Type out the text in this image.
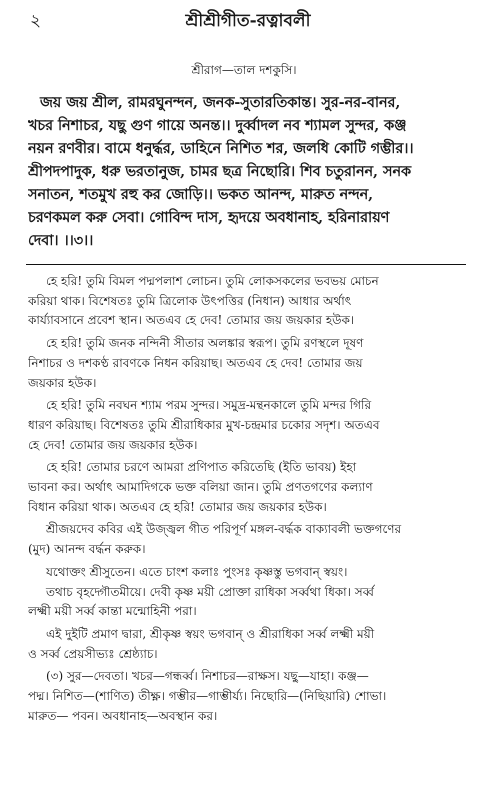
২	শ্রীশ্রীগীত-রত্নাবলী
শ্রীরাগ—তাল দশকুসি।
জয় জয় শ্রীল, রামরঘুনন্দন, জনক-সুতারতিকান্ত। সুর-নর-বানর,
খচর নিশাচর, যছু গুণ গায়ে অনন্ত।। দুর্ব্বাদল নব শ্যামল সুন্দর, কঞ্জ
নয়ন রণবীর। বামে ধনুর্দ্ধর, ডাহিনে নিশিত শর, জলধি কোটি গম্ভীর।।
শ্রীপদপাদুক, ধরু ভরতানুজ, চামর ছত্র নিছোরি। শিব চতুরানন, সনক
সনাতন, শতমুখ রহু কর জোড়ি।। ভকত আনন্দ, মারুত নন্দন,
চরণকমল করু সেবা। গোবিন্দ দাস, হৃদয়ে অবধানাহ, হরিনারায়ণ
দেবা। ।।৩।।
হে হরি! তুমি বিমল পদ্মপলাশ লোচন। তুমি লোকসকলের ভবভয় মোচন
করিয়া থাক। বিশেষতঃ তুমি ত্রিলোক উৎপত্তির (নিধান) আধার অর্থাৎ
কার্য্যাবসানে প্রবেশ স্থান। অতএব হে দেব! তোমার জয় জয়কার হউক।
হে হরি! তুমি জনক নন্দিনী সীতার অলঙ্কার স্বরূপ। তুমি রণস্থলে দূষণ
নিশাচর ও দশকণ্ঠ রাবণকে নিধন করিয়াছ। অতএব হে দেব! তোমার জয়
জয়কার হউক।
হে হরি! তুমি নবঘন শ্যাম পরম সুন্দর। সমুদ্র-মন্থনকালে তুমি মন্দর গিরি
ধারণ করিয়াছ। বিশেষতঃ তুমি শ্রীরাধিকার মুখ-চন্দ্রমার চকোর সদৃশ। অতএব
হে দেব! তোমার জয় জয়কার হউক।
হে হরি! তোমার চরণে আমরা প্রণিপাত করিতেছি (ইতি ভাবয়) ইহা
ভাবনা কর। অর্থাৎ আমাদিগকে ভক্ত বলিয়া জান। তুমি প্রণতগণের কল্যাণ
বিধান করিয়া থাক। অতএব হে হরি! তোমার জয় জয়কার হউক।
শ্রীজয়দেব কবির এই উজ্জ্বল গীত পরিপূর্ণ মঙ্গল-বৰ্দ্ধক বাক্যাবলী ভক্তগণের
(মুদ) আনন্দ বৰ্দ্ধন করুক।
যথোক্তং শ্রীসুতেন। এতে চাংশ কলাঃ পুংসঃ কৃষ্ণস্তু ভগবান্ স্বয়ং।
তথাচ বৃহদ্গৌতমীয়ে। দেবী কৃষ্ণ ময়ী প্রোক্তা রাধিকা সর্ব্বথা ধিকা। সর্ব্ব
লক্ষ্মী ময়ী সর্ব্ব কান্তা মন্মোহিনী পরা।
এই দুইটি প্রমাণ দ্বারা, শ্রীকৃষ্ণ স্বয়ং ভগবান্ ও শ্রীরাধিকা সর্ব্ব লক্ষ্মী ময়ী
ও সর্ব্ব প্রেয়সীভ্যঃ শ্রেষ্ঠ্যাচ।
(৩) সুর—দেবতা। খচর—গন্ধৰ্ব্ব। নিশাচর—রাক্ষস। যছু—যাহা। কঞ্জ—
পদ্ম। নিশিত—(শাণিত) তীক্ষ্ণ। গম্ভীর—গাম্ভীর্য্য। নিছোরি—(নিছিয়ারি) শোভা।
মারুত— পবন। অবধানাহ—অবস্থান কর।
